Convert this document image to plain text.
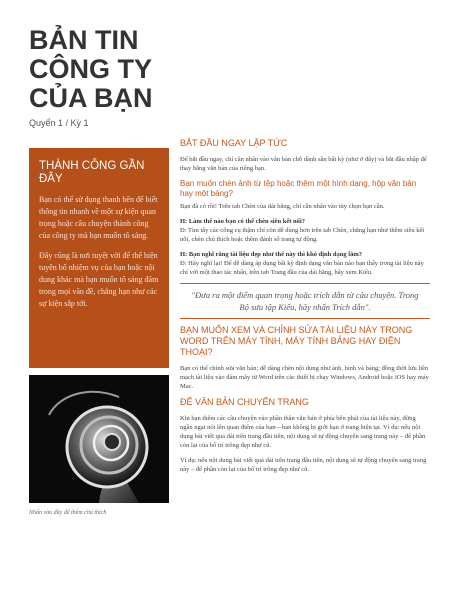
BẢN TIN CÔNG TY CỦA BẠN
Quyển 1 / Kỳ 1
THÀNH CÔNG GẦN ĐÂY

Bạn có thể sử dụng thanh bên để biết thông tin nhanh về một sự kiện quan trọng hoặc câu chuyện thành công của công ty mà bạn muốn tô sáng.

Đây cũng là nơi tuyệt vời để thể hiện tuyên bố nhiệm vụ của bạn hoặc nội dung khác mà bạn muốn tô sáng đăm trong mọi văn đề, chẳng hạn như các sự kiện sắp tới.

Nhấn vào đây để thêm chú thích
BẮT ĐẦU NGAY LẬP TỨC

Để bắt đầu ngay, chỉ cần nhấn vào văn bản chỗ dành sẵn bất kỳ (như ở đây) và bắt đầu nhập để thay bằng văn bản của riêng bạn.

Bạn muốn chèn ảnh từ tệp hoặc thêm một hình dạng, hộp văn bản hay một bảng?

Bạn đã có rồi! Trên tab Chèn của dải băng, chỉ cần nhấn vào tùy chọn bạn cần.

H: Làm thế nào bạn có thể chèn siêu kết nối?

Đ: Tìm tấy các công cụ thậm chí còn dễ dùng hơn trên tab Chèn, chẳng hạn như thêm siêu kết nối, chèn chú thích hoặc thêm đánh số trang tự động.

H: Bạn nghĩ rằng tài liệu đẹp như thế này thì khó định dạng lắm?

Đ: Hãy nghĩ lại! Để dễ dàng áp dụng bất kỳ định dạng văn bản nào bạn thấy trong tài liệu này chỉ với một thao tác nhấn, trên tab Trang đầu của dải băng, hãy xem Kiểu.

"Đưa ra một điểm quan trọng hoặc trích dẫn từ câu chuyện. Trong Bộ sưu tập Kiểu, hãy nhấn Trích dẫn".
BẠN MUỐN XEM VÀ CHỈNH SỬA TÀI LIỆU NÀY TRONG WORD TRÊN MÁY TÍNH, MÁY TÍNH BẢNG HAY ĐIỆN THOẠI?

Bạn có thể chỉnh sửa văn bản; dễ dàng chèn nội dung như ảnh, hình và bảng; đồng thời lưu liền mạch tài liệu vào đám mây từ Word trên các thiết bị chạy Windows, Android hoặc iOS hay máy Mac.

ĐỂ VĂN BẢN CHUYỂN TRANG

Khi bạn thêm các câu chuyện vào phần thân văn bản ở phía bên phải của tài liệu này, đừng ngần ngại nói lên quan điểm của bạn—bạn không bị giới hạn ở trang hiện tại. Ví dụ: nếu nội dung bài viết quá dài trên trang đầu tiên, nội dung sẽ tự động chuyển sang trang này – để phần còn lại của bố trí trông đẹp như cũ.

Ví dụ: nếu nội dung bài viết quá dài trên trang đầu tiên, nội dung sẽ tự động chuyển sang trang này – để phần còn lại của bố trí trông đẹp như cũ.
